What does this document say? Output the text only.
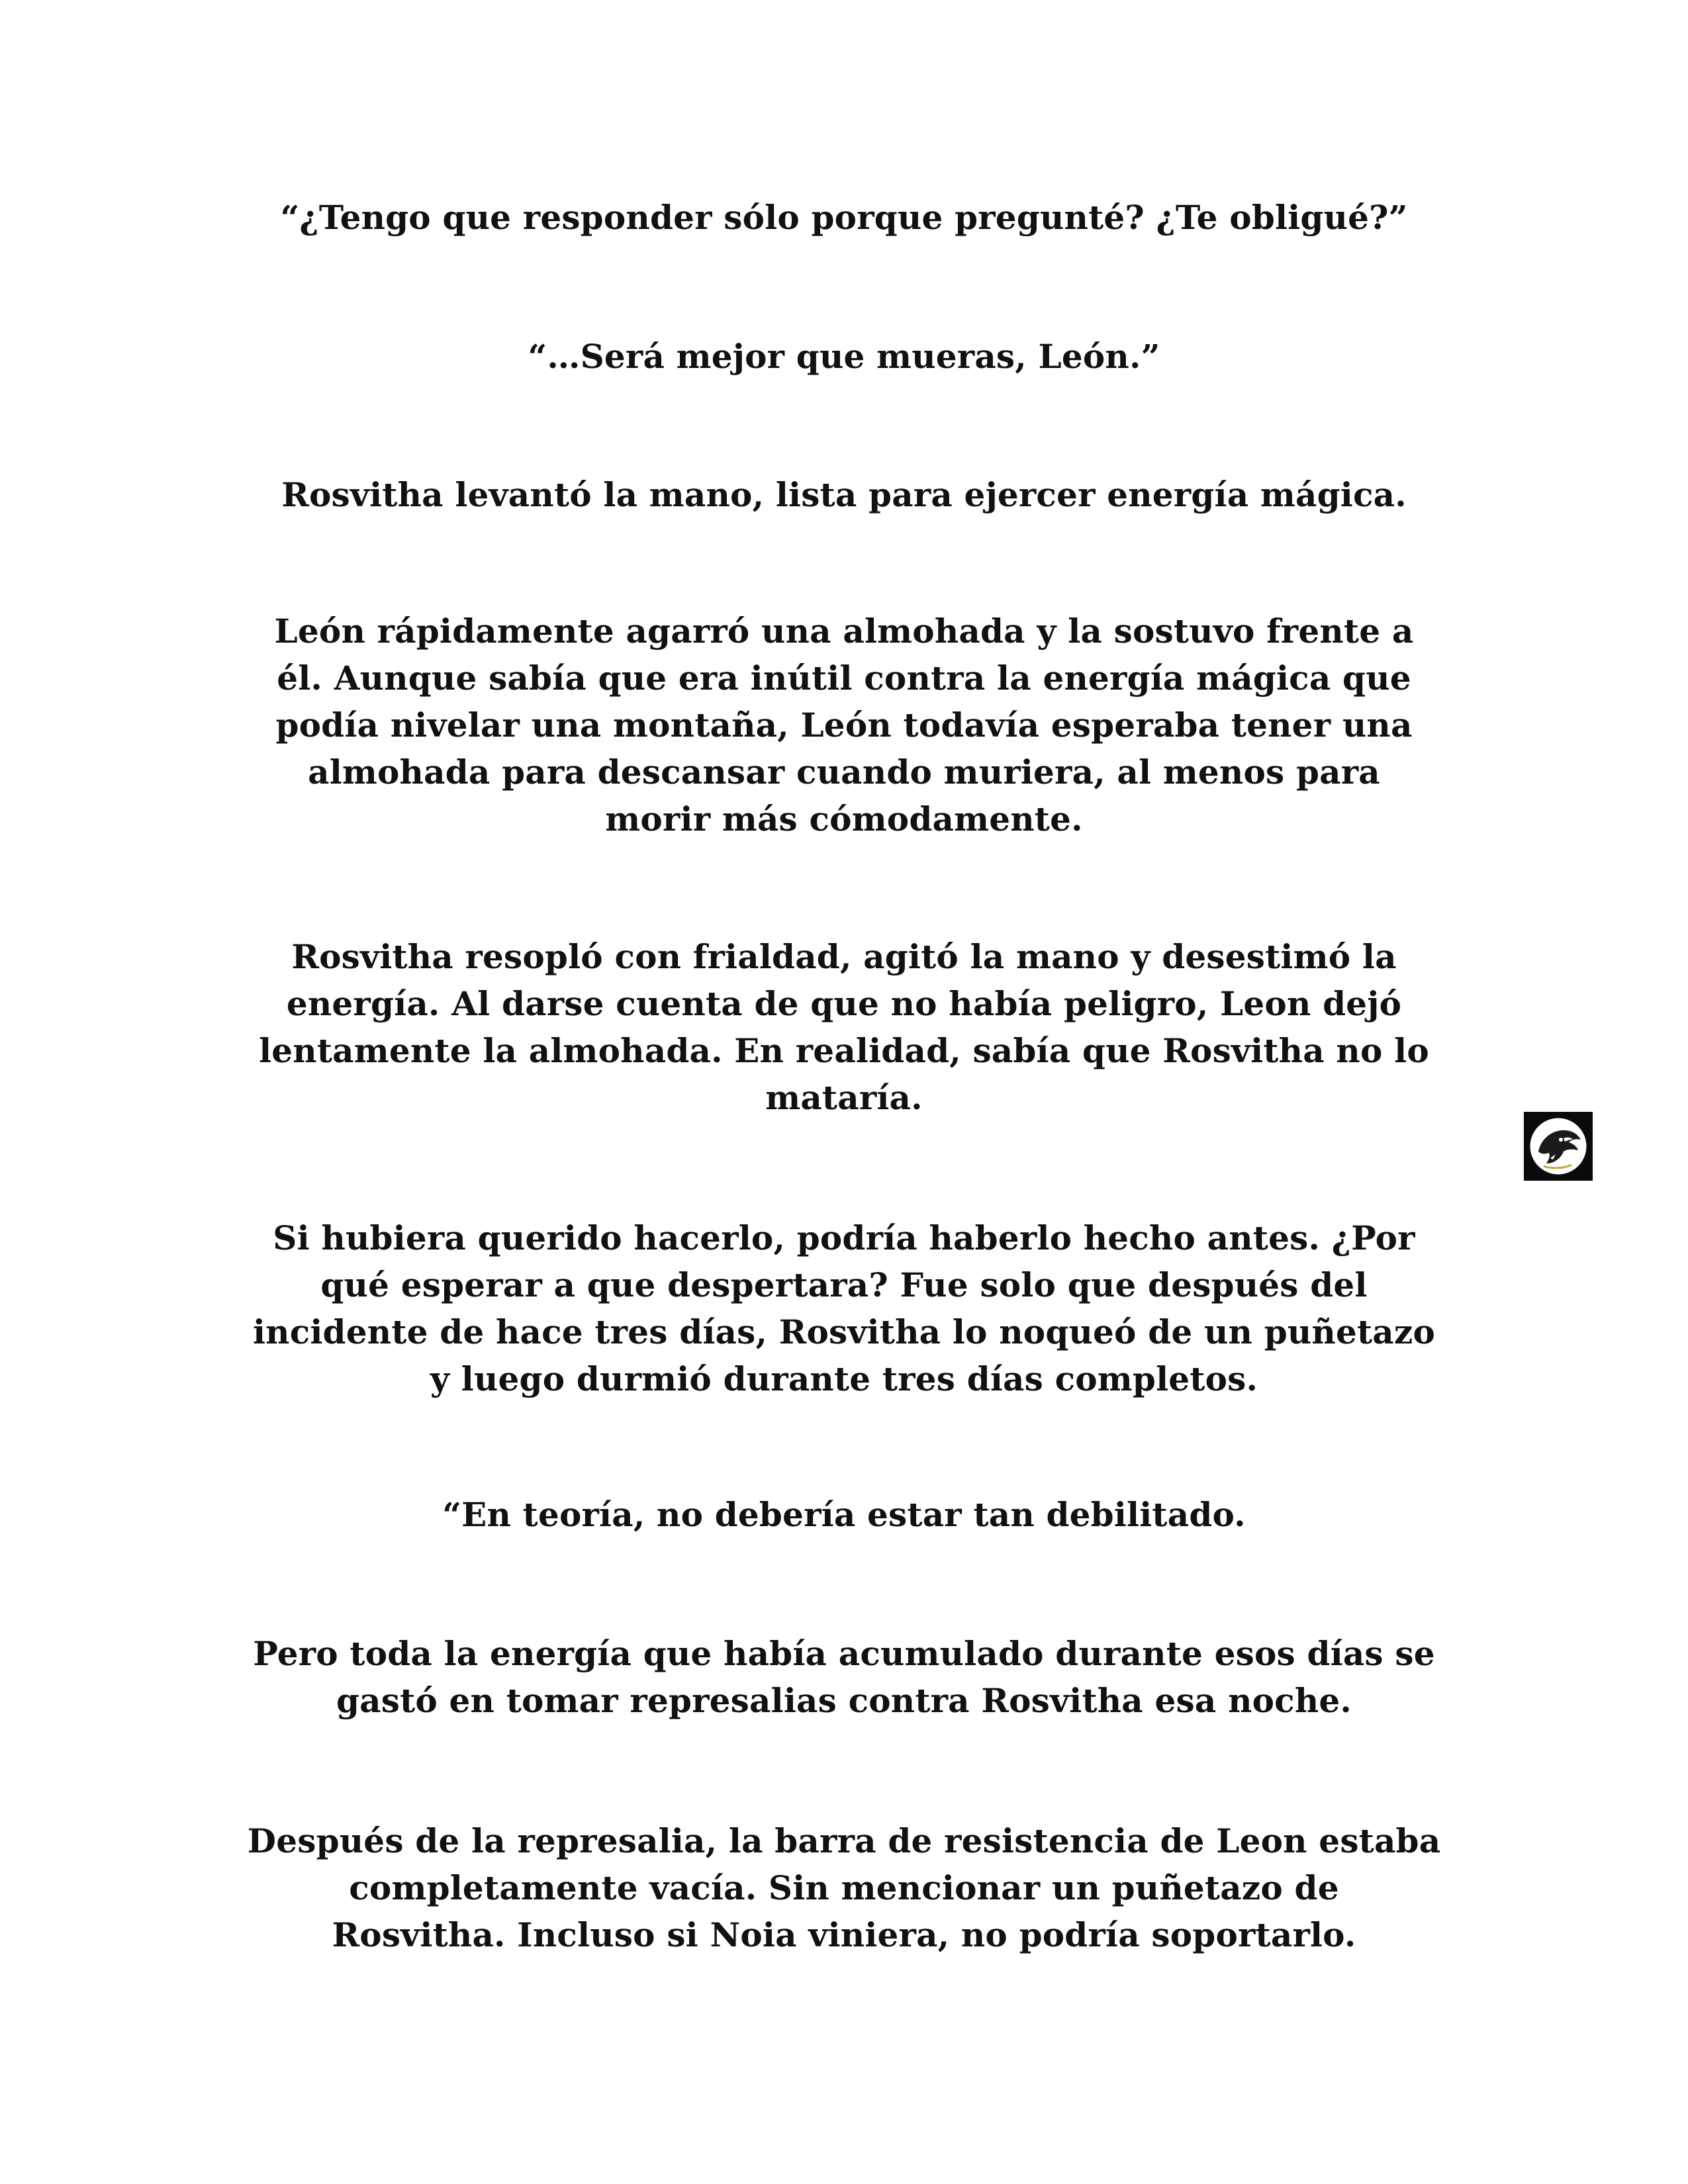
“¿Tengo que responder sólo porque pregunté? ¿Te obligué?”

“…Será mejor que mueras, León.”

Rosvitha levantó la mano, lista para ejercer energía mágica.

León rápidamente agarró una almohada y la sostuvo frente a
él. Aunque sabía que era inútil contra la energía mágica que
podía nivelar una montaña, León todavía esperaba tener una
almohada para descansar cuando muriera, al menos para
morir más cómodamente.

Rosvitha resopló con frialdad, agitó la mano y desestimó la
energía. Al darse cuenta de que no había peligro, Leon dejó
lentamente la almohada. En realidad, sabía que Rosvitha no lo
mataría.

Si hubiera querido hacerlo, podría haberlo hecho antes. ¿Por
qué esperar a que despertara? Fue solo que después del
incidente de hace tres días, Rosvitha lo noqueó de un puñetazo
y luego durmió durante tres días completos.

“En teoría, no debería estar tan debilitado.

Pero toda la energía que había acumulado durante esos días se
gastó en tomar represalias contra Rosvitha esa noche.

Después de la represalia, la barra de resistencia de Leon estaba
completamente vacía. Sin mencionar un puñetazo de
Rosvitha. Incluso si Noia viniera, no podría soportarlo.
